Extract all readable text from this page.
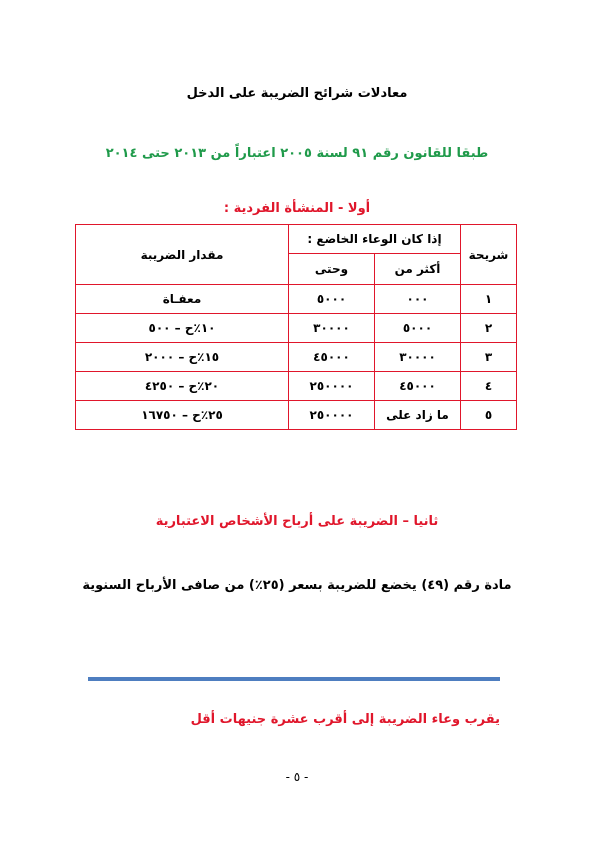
معادلات شرائح الضريبة على الدخل
طبقا للقانون رقم ٩١ لسنة ٢٠٠٥ اعتباراً من ٢٠١٣ حتى ٢٠١٤
أولا - المنشأة الفردية :
شريحة	إذا كان الوعاء الخاضع :		مقدار الضريبة
	أكثر من	وحتى	
١	٠٠٠	٥٠٠٠	معفـاة
٢	٥٠٠٠	٣٠٠٠٠	١٠٪ح – ٥٠٠
٣	٣٠٠٠٠	٤٥٠٠٠	١٥٪ح – ٢٠٠٠
٤	٤٥٠٠٠	٢٥٠٠٠٠	٢٠٪ح – ٤٢٥٠
٥	ما زاد على	٢٥٠٠٠٠	٢٥٪ح – ١٦٧٥٠
ثانيا – الضريبة على أرباح الأشخاص الاعتبارية
مادة رقم (٤٩) يخضع للضريبة بسعر (٢٥٪) من صافى الأرباح السنوية
يقرب وعاء الضريبة إلى أقرب عشرة جنيهات أقل
- ٥ -
